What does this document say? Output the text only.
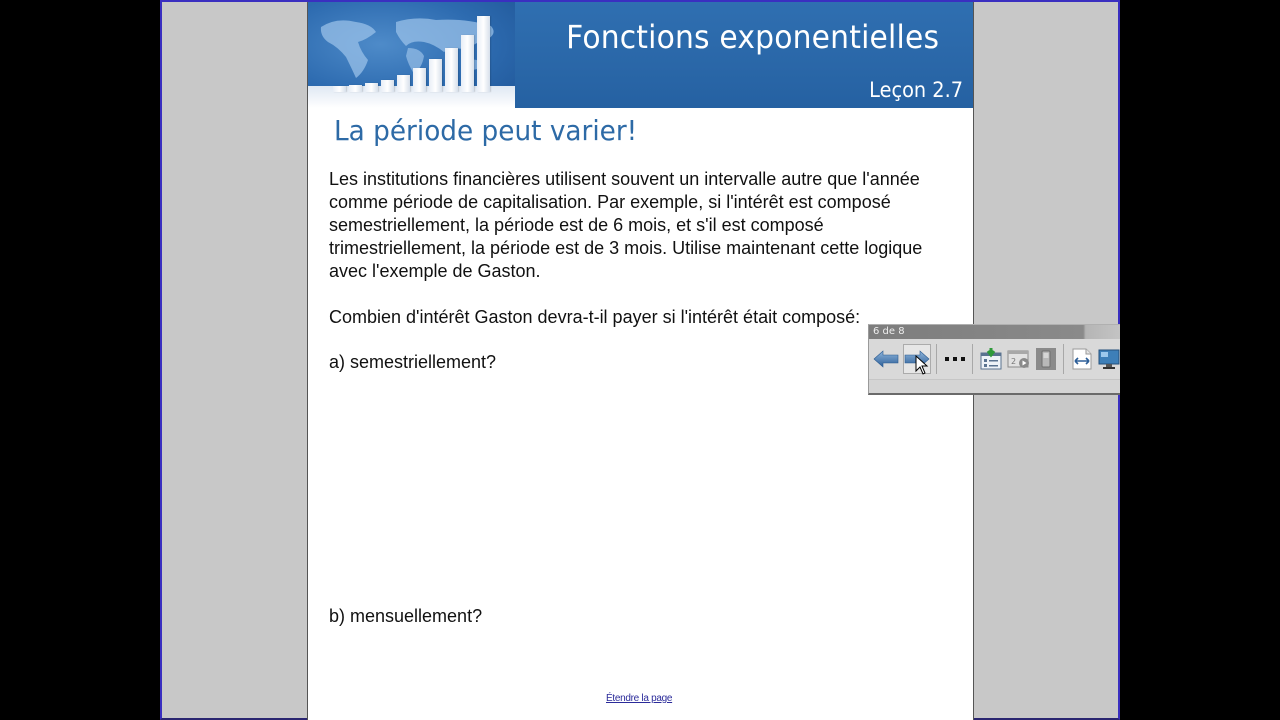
Fonctions exponentielles
Leçon 2.7
La période peut varier!
Les institutions financières utilisent souvent un intervalle autre que l'année comme période de capitalisation. Par exemple, si l'intérêt est composé semestriellement, la période est de 6 mois, et s'il est composé trimestriellement, la période est de 3 mois. Utilise maintenant cette logique avec l'exemple de Gaston.
Combien d'intérêt Gaston devra-t-il payer si l'intérêt était composé:
a) semestriellement?
b) mensuellement?
Étendre la page
6 de 8
2
